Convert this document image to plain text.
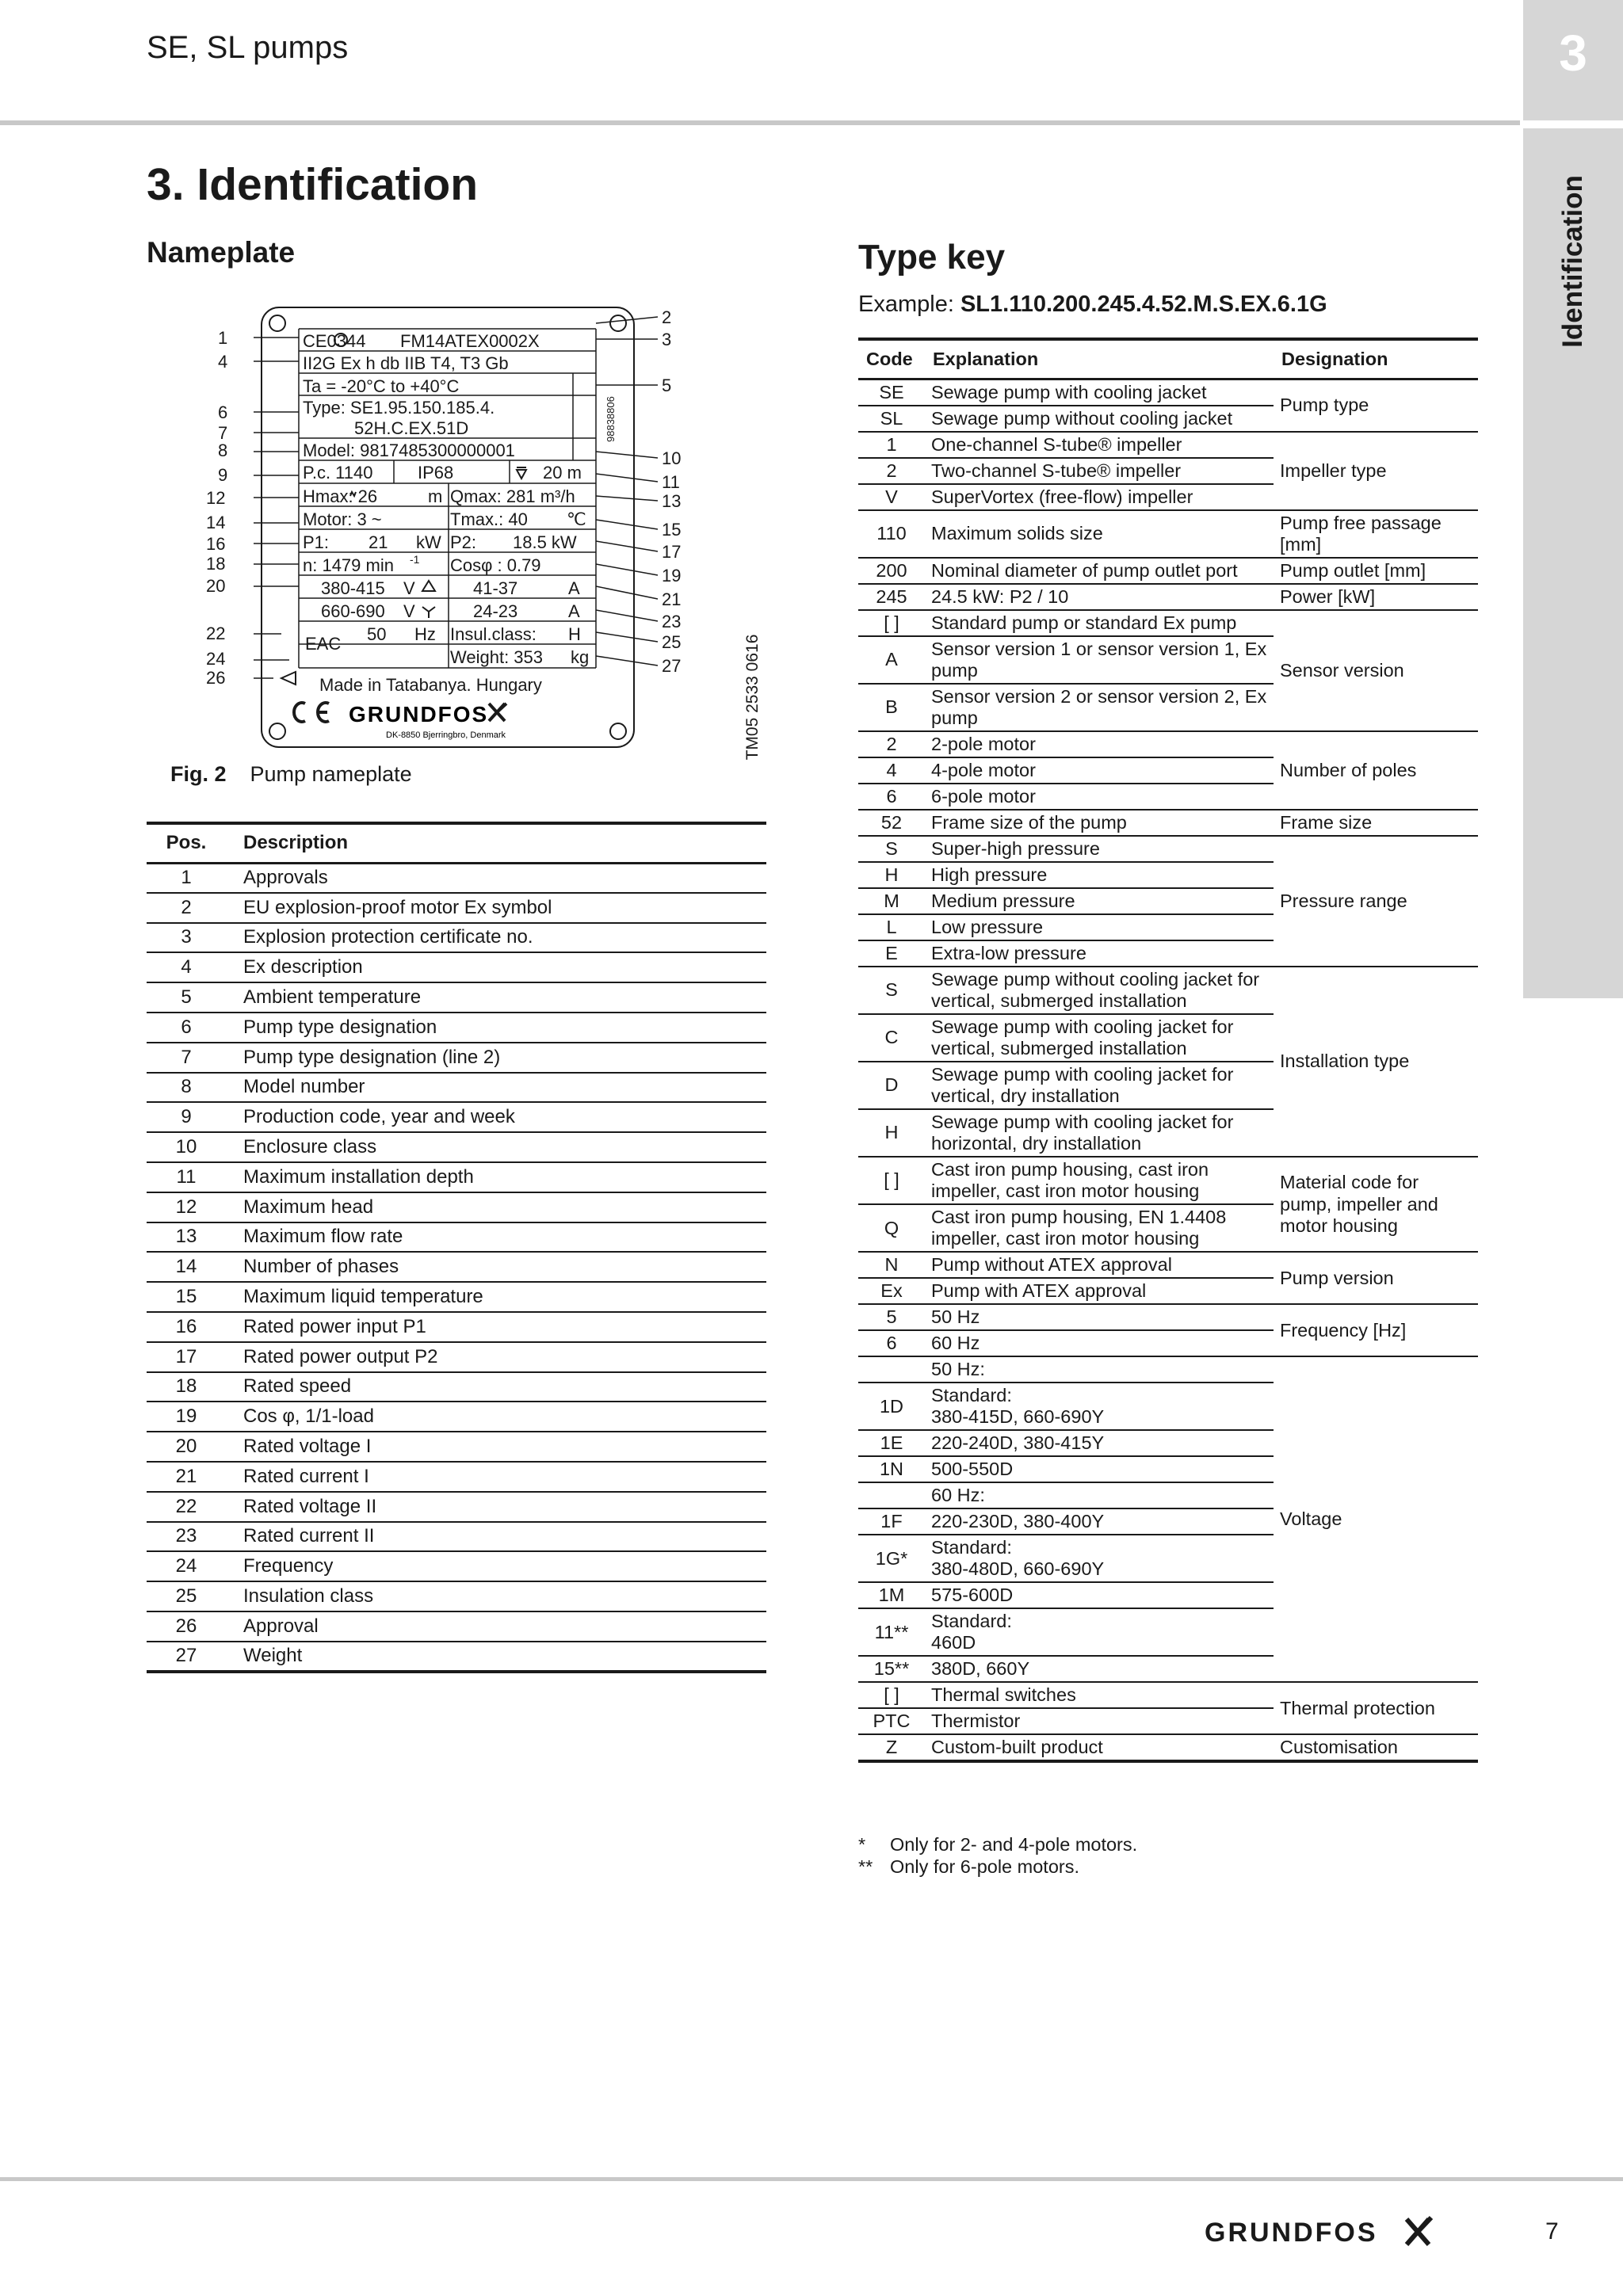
SE, SL pumps	3
Identification
3. Identification
Nameplate
CE0344 FM14ATEX0002X
II2G Ex h db IIB T4, T3 Gb
Ta = -20°C to +40°C
Type: SE1.95.150.185.4.
52H.C.EX.51D
Model: 9817485300000001
P.c. 1140	IP68	20 m
Hmax: 26	m Qmax: 281 m³/h
Motor: 3 ~	Tmax.: 40 ℃
P1: 21 kW P2: 18.5 kW
n: 1479 min -1 Cosφ : 0.79
380-415 V	41-37	A
660-690 V	24-23	A
50 Hz Insul.class: H
Weight: 353 kg
Made in Tatabanya. Hungary
98838806
EAC
GRUNDFOS
DK-8850 Bjerringbro, Denmark
1
4
6
7
8
9
12
14
16
18
20
22
24
26
2
3
5
10
11
13
15
17
19
21
23
25
27	TM05 2533 0616
Fig. 2 Pump nameplate
Pos.	Description
1	Approvals
2	EU explosion-proof motor Ex symbol
3	Explosion protection certificate no.
4	Ex description
5	Ambient temperature
6	Pump type designation
7	Pump type designation (line 2)
8	Model number
9	Production code, year and week
10	Enclosure class
11	Maximum installation depth
12	Maximum head
13	Maximum flow rate
14	Number of phases
15	Maximum liquid temperature
16	Rated power input P1
17	Rated power output P2
18	Rated speed
19	Cos φ, 1/1-load
20	Rated voltage I
21	Rated current I
22	Rated voltage II
23	Rated current II
24	Frequency
25	Insulation class
26	Approval
27	Weight
Type key
Example: SL1.110.200.245.4.52.M.S.EX.6.1G
Code	Explanation	Designation
SE	Sewage pump with cooling jacket	Pump type
SL	Sewage pump without cooling jacket	
1	One-channel S-tube® impeller	Impeller type
2	Two-channel S-tube® impeller	
V	SuperVortex (free-flow) impeller	
110	Maximum solids size	Pump free passage [mm]
200	Nominal diameter of pump outlet port	Pump outlet [mm]
245	24.5 kW: P2 / 10	Power [kW]
[ ]	Standard pump or standard Ex pump	Sensor version
A	Sensor version 1 or sensor version 1, Ex pump	
B	Sensor version 2 or sensor version 2, Ex pump	
2	2-pole motor	Number of poles
4	4-pole motor	
6	6-pole motor	
52	Frame size of the pump	Frame size
S	Super-high pressure	Pressure range
H	High pressure	
M	Medium pressure	
L	Low pressure	
E	Extra-low pressure	
S	Sewage pump without cooling jacket for vertical, submerged installation	Installation type
C	Sewage pump with cooling jacket for vertical, submerged installation	
D	Sewage pump with cooling jacket for vertical, dry installation	
H	Sewage pump with cooling jacket for horizontal, dry installation	
[ ]	Cast iron pump housing, cast iron impeller, cast iron motor housing	Material code for pump, impeller and motor housing
Q	Cast iron pump housing, EN 1.4408 impeller, cast iron motor housing	
N	Pump without ATEX approval	Pump version
Ex	Pump with ATEX approval	
5	50 Hz	Frequency [Hz]
6	60 Hz	
	50 Hz:	Voltage
1D	Standard:
380-415D, 660-690Y	
1E	220-240D, 380-415Y	
1N	500-550D	
	60 Hz:	
1F	220-230D, 380-400Y	
1G*	Standard:
380-480D, 660-690Y	
1M	575-600D	
11**	Standard:
460D	
15**	380D, 660Y	
[ ]	Thermal switches	Thermal protection
PTC	Thermistor	
Z	Custom-built product	Customisation
*	Only for 2- and 4-pole motors.
** Only for 6-pole motors.
GRUNDFOS	7
